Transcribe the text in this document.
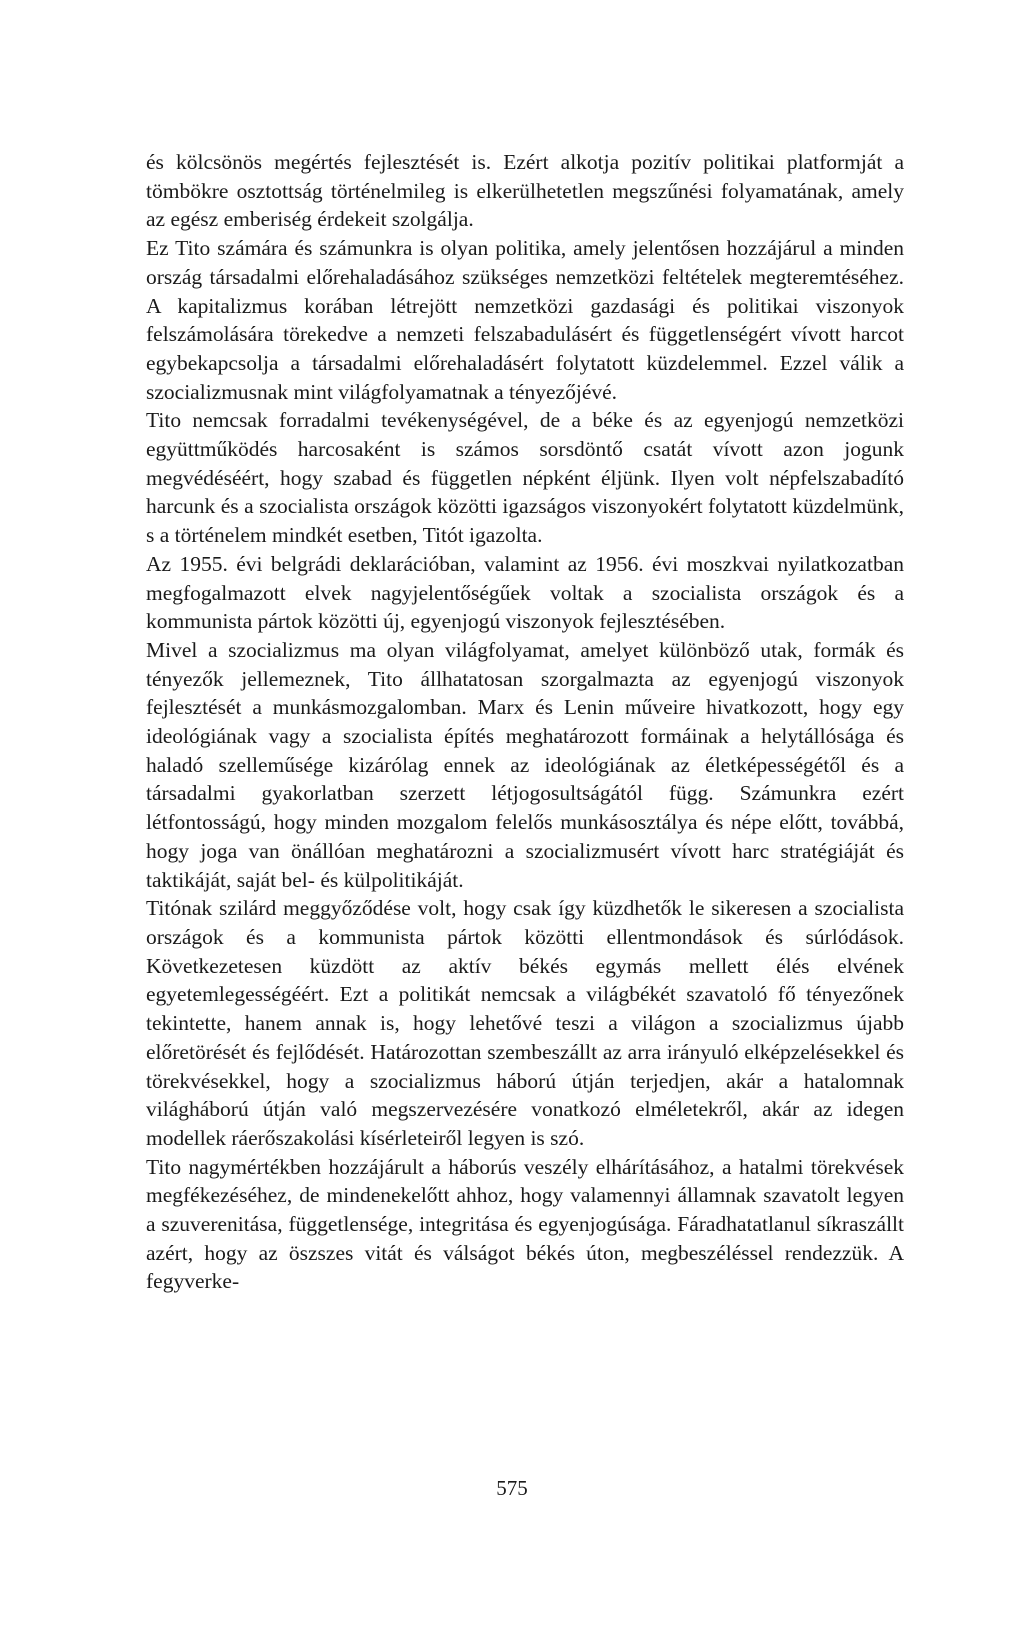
és kölcsönös megértés fejlesztését is. Ezért alkotja pozitív politikai platformját a tömbökre osztottság történelmileg is elkerülhetetlen megszűnési folyamatának, amely az egész emberiség érdekeit szolgálja.

Ez Tito számára és számunkra is olyan politika, amely jelentősen hozzájárul a minden ország társadalmi előrehaladásához szükséges nemzetközi feltételek megteremtéséhez. A kapitalizmus korában létrejött nemzetközi gazdasági és politikai viszonyok felszámolására törekedve a nemzeti felszabadulásért és függetlenségért vívott harcot egybekapcsolja a társadalmi előrehaladásért folytatott küzdelemmel. Ezzel válik a szocializmusnak mint világfolyamatnak a tényezőjévé.

Tito nemcsak forradalmi tevékenységével, de a béke és az egyenjogú nemzetközi együttműködés harcosaként is számos sorsdöntő csatát vívott azon jogunk megvédéséért, hogy szabad és független népként éljünk. Ilyen volt népfelszabadító harcunk és a szocialista országok közötti igazságos viszonyokért folytatott küzdelmünk, s a történelem mindkét esetben, Titót igazolta.

Az 1955. évi belgrádi deklarációban, valamint az 1956. évi moszkvai nyilatkozatban megfogalmazott elvek nagyjelentőségűek voltak a szocialista országok és a kommunista pártok közötti új, egyenjogú viszonyok fejlesztésében.

Mivel a szocializmus ma olyan világfolyamat, amelyet különböző utak, formák és tényezők jellemeznek, Tito állhatatosan szorgalmazta az egyenjogú viszonyok fejlesztését a munkásmozgalomban. Marx és Lenin műveire hivatkozott, hogy egy ideológiának vagy a szocialista építés meghatározott formáinak a helytállósága és haladó szelleműsége kizárólag ennek az ideológiának az életképességétől és a társadalmi gyakorlatban szerzett létjogosultságától függ. Számunkra ezért létfontosságú, hogy minden mozgalom felelős munkásosztálya és népe előtt, továbbá, hogy joga van önállóan meghatározni a szocializmusért vívott harc stratégiáját és taktikáját, saját bel- és külpolitikáját.

Titónak szilárd meggyőződése volt, hogy csak így küzdhetők le sikeresen a szocialista országok és a kommunista pártok közötti ellentmondások és súrlódások. Következetesen küzdött az aktív békés egymás mellett élés elvének egyetemlegességéért. Ezt a politikát nemcsak a világbékét szavatoló fő tényezőnek tekintette, hanem annak is, hogy lehetővé teszi a világon a szocializmus újabb előretörését és fejlődését. Határozottan szembeszállt az arra irányuló elképzelésekkel és törekvésekkel, hogy a szocializmus háború útján terjedjen, akár a hatalomnak világháború útján való megszervezésére vonatkozó elméletekről, akár az idegen modellek ráerőszakolási kísérleteiről legyen is szó.

Tito nagymértékben hozzájárult a háborús veszély elhárításához, a hatalmi törekvések megfékezéséhez, de mindenekelőtt ahhoz, hogy valamennyi államnak szavatolt legyen a szuverenitása, függetlensége, integritása és egyenjogúsága. Fáradhatatlanul síkraszállt azért, hogy az öszszes vitát és válságot békés úton, megbeszéléssel rendezzük. A fegyverke-

575
